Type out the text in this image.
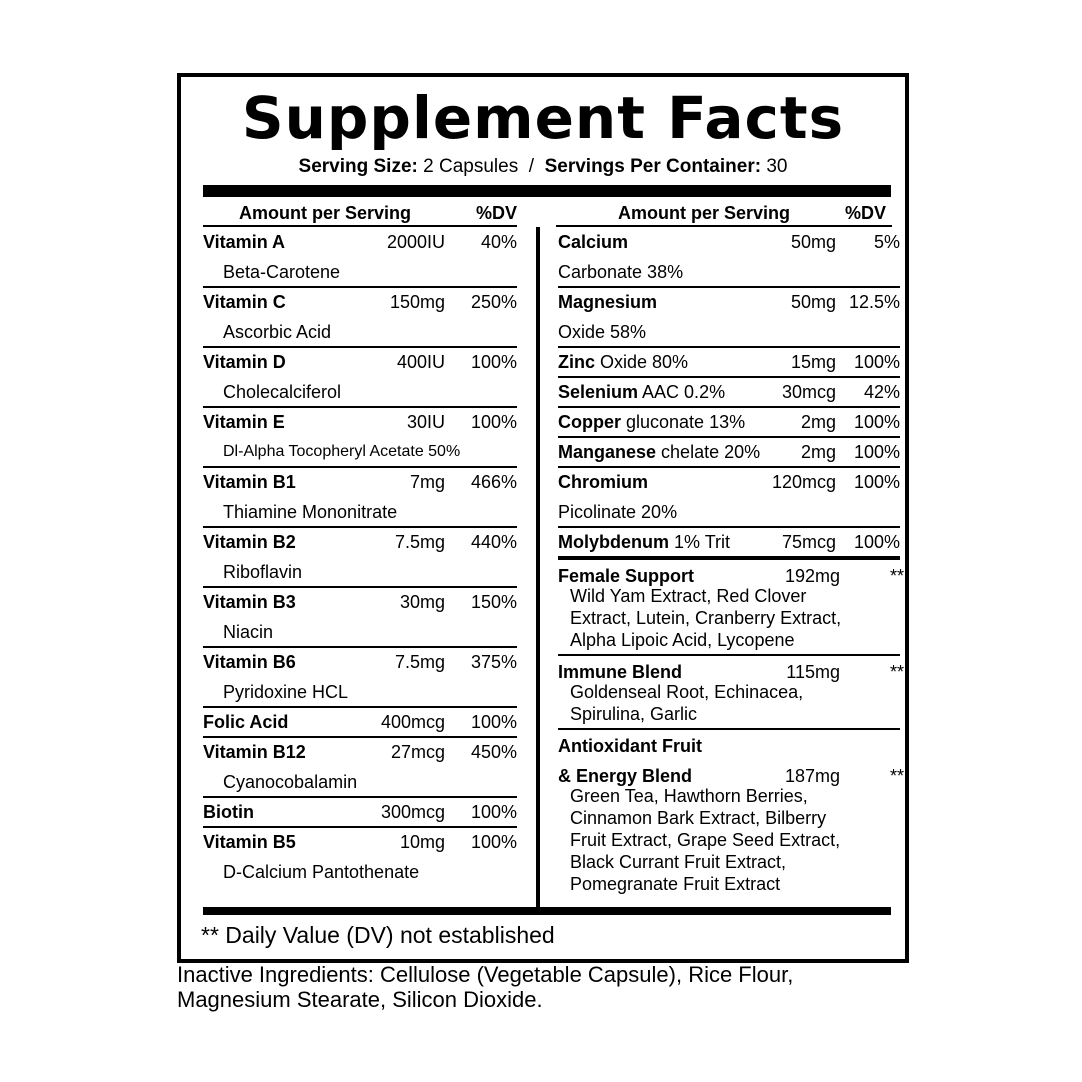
Supplement Facts
Serving Size: 2 Capsules  /  Servings Per Container: 30
Amount per Serving	%DV	Amount per Serving	%DV
Vitamin A	2000IU 40%
Beta-Carotene
Vitamin C	150mg 250%
Ascorbic Acid
Vitamin D	400IU 100%
Cholecalciferol
Vitamin E	30IU 100%
Dl-Alpha Tocopheryl Acetate 50%
Vitamin B1	7mg 466%
Thiamine Mononitrate
Vitamin B2	7.5mg 440%
Riboflavin
Vitamin B3	30mg 150%
Niacin
Vitamin B6	7.5mg 375%
Pyridoxine HCL
Folic Acid	400mcg 100%
Vitamin B12	27mcg 450%
Cyanocobalamin
Biotin	300mcg 100%
Vitamin B5	10mg 100%
D-Calcium Pantothenate
Calcium	50mg 5%
Carbonate 38%
Magnesium	50mg 12.5%
Oxide 58%
Zinc Oxide 80%	15mg 100%
Selenium AAC 0.2%	30mcg 42%
Copper gluconate 13%	2mg 100%
Manganese chelate 20% 2mg 100%
Chromium	120mcg 100%
Picolinate 20%
Molybdenum 1% Trit	75mcg 100%
Female Support	192mg	**
Wild Yam Extract, Red Clover
Extract, Lutein, Cranberry Extract,
Alpha Lipoic Acid, Lycopene
Immune Blend	115mg	**
Goldenseal Root, Echinacea,
Spirulina, Garlic
Antioxidant Fruit
& Energy Blend	187mg	**
Green Tea, Hawthorn Berries,
Cinnamon Bark Extract, Bilberry
Fruit Extract, Grape Seed Extract,
Black Currant Fruit Extract,
Pomegranate Fruit Extract
** Daily Value (DV) not established
Inactive Ingredients: Cellulose (Vegetable Capsule), Rice Flour,
Magnesium Stearate, Silicon Dioxide.
